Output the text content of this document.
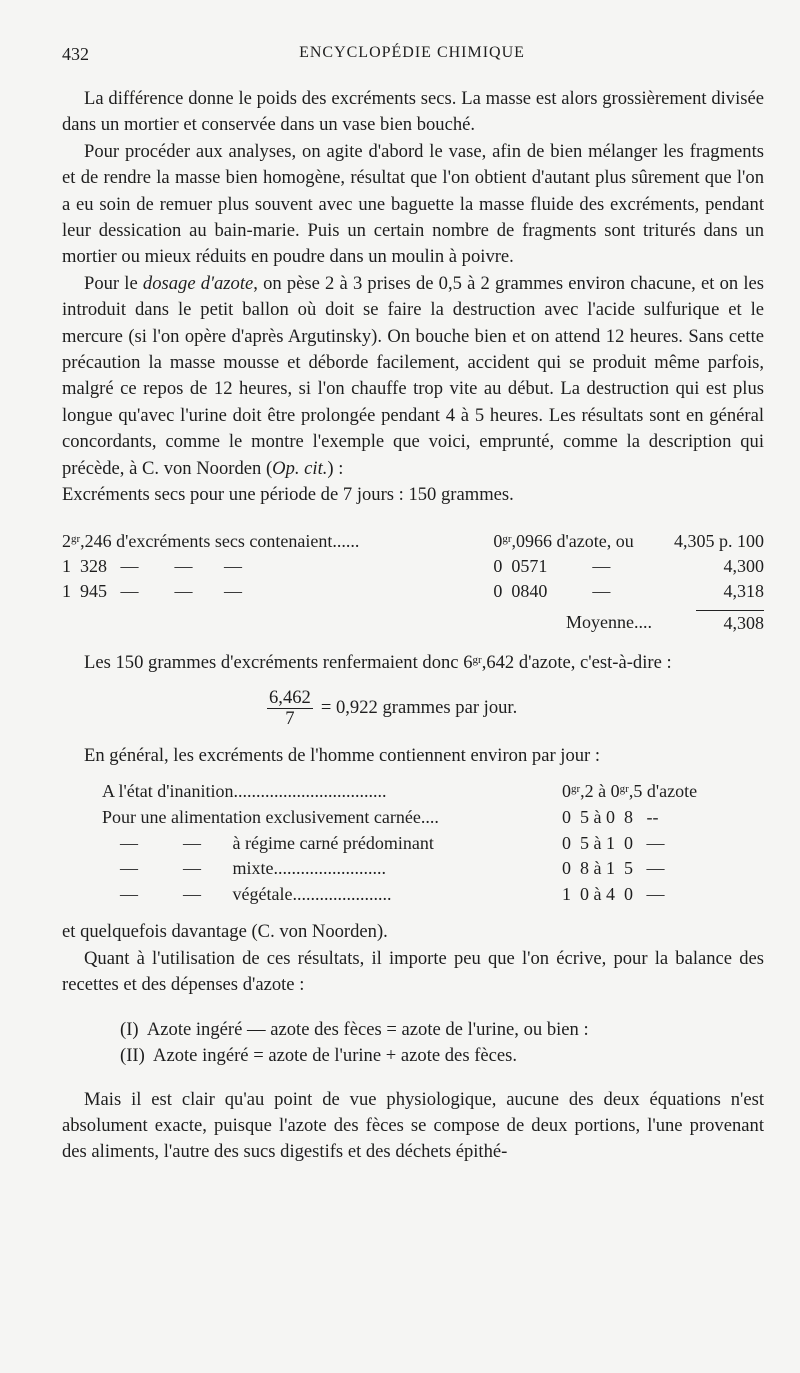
432	ENCYCLOPÉDIE CHIMIQUE

La différence donne le poids des excréments secs. La masse est alors grossièrement divisée dans un mortier et conservée dans un vase bien bouché.

Pour procéder aux analyses, on agite d'abord le vase, afin de bien mélanger les fragments et de rendre la masse bien homogène, résultat que l'on obtient d'autant plus sûrement que l'on a eu soin de remuer plus souvent avec une baguette la masse fluide des excréments, pendant leur dessication au bain-marie. Puis un certain nombre de fragments sont triturés dans un mortier ou mieux réduits en poudre dans un moulin à poivre.

Pour le dosage d'azote, on pèse 2 à 3 prises de 0,5 à 2 grammes environ chacune, et on les introduit dans le petit ballon où doit se faire la destruction avec l'acide sulfurique et le mercure (si l'on opère d'après Argutinsky). On bouche bien et on attend 12 heures. Sans cette précaution la masse mousse et déborde facilement, accident qui se produit même parfois, malgré ce repos de 12 heures, si l'on chauffe trop vite au début. La destruction qui est plus longue qu'avec l'urine doit être prolongée pendant 4 à 5 heures. Les résultats sont en général concordants, comme le montre l'exemple que voici, emprunté, comme la description qui précède, à C. von Noorden (Op. cit.) :

Excréments secs pour une période de 7 jours : 150 grammes.

$2^{gr},246$ d'excréments secs contenaient......	$0^{gr},0966$ d'azote, ou	4,305 p. 100
1  328   —        —       —	0  0571          —	4,300
1  945   —        —       —	0  0840          —	4,318
Moyenne....	4,308

Les 150 grammes d'excréments renfermaient donc $6^{gr},642$ d'azote, c'est-à-dire :

$\frac{6,462}{7} = 0,922$ grammes par jour.

En général, les excréments de l'homme contiennent environ par jour :

A l'état d'inanition..................................	$0^{gr},2$ à $0^{gr},5$ d'azote
Pour une alimentation exclusivement carnée....	0  5 à 0  8   --
—          —       à régime carné prédominant	0  5 à 1  0   —
—          —       mixte.........................	0  8 à 1  5   —
—          —       végétale......................	1  0 à 4  0   —

et quelquefois davantage (C. von Noorden).

Quant à l'utilisation de ces résultats, il importe peu que l'on écrive, pour la balance des recettes et des dépenses d'azote :

(I)  Azote ingéré — azote des fèces = azote de l'urine, ou bien :
(II)  Azote ingéré = azote de l'urine + azote des fèces.

Mais il est clair qu'au point de vue physiologique, aucune des deux équations n'est absolument exacte, puisque l'azote des fèces se compose de deux portions, l'une provenant des aliments, l'autre des sucs digestifs et des déchets épithé-
